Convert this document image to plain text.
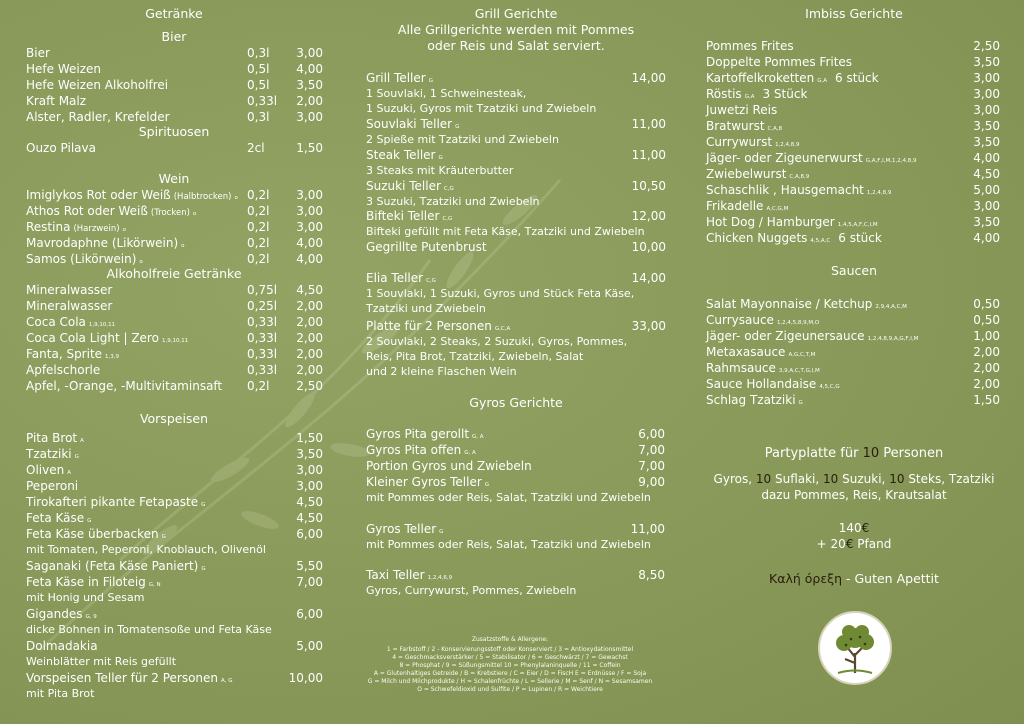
Getränke
Bier
Bier	0,3l 3,00
Hefe Weizen	0,5l 4,00
Hefe Weizen Alkoholfrei	0,5l 3,50
Kraft Malz	0,33l 2,00
Alster, Radler, Krefelder	0,3l 3,00
Spirituosen
Ouzo Pilava	2cl	1,50
Wein
Imiglykos Rot oder Weiß (Halbtrocken) o 0,2l 3,00
Athos Rot oder Weiß (Trocken) o	0,2l 3,00
Restina (Harzwein) o	0,2l 3,00
Mavrodaphne (Likörwein) o	0,2l 4,00
Samos (Likörwein) o	0,2l 4,00
Alkoholfreie Getränke
Mineralwasser	0,75l 4,50
Mineralwasser	0,25l 2,00
Coca Cola 1,9,10,11	0,33l 2,00
Coca Cola Light | Zero 1,9,10,11	0,33l 2,00
Fanta, Sprite 1,3,9	0,33l 2,00
Apfelschorle	0,33l 2,00
Apfel, -Orange, -Multivitaminsaft 0,2l 2,50
Vorspeisen
Pita Brot A	1,50
Tzatziki G	3,50
Oliven A	3,00
Peperoni	3,00
Tirokafteri pikante Fetapaste G	4,50
Feta Käse G	4,50
Feta Käse überbacken G	6,00
mit Tomaten, Peperoni, Knoblauch, Olivenöl
Saganaki (Feta Käse Paniert) G	5,50
Feta Käse in Filoteig G, N	7,00
mit Honig und Sesam
Gigandes G, 9	6,00
dicke Bohnen in Tomatensoße und Feta Käse
Dolmadakia	5,00
Weinblätter mit Reis gefüllt
Vorspeisen Teller für 2 Personen A, G	10,00
mit Pita Brot
Grill Gerichte
Alle Grillgerichte werden mit Pommes
oder Reis und Salat serviert.
Grill Teller G	14,00
1 Souvlaki, 1 Schweinesteak,
1 Suzuki, Gyros mit Tzatziki und Zwiebeln
Souvlaki Teller G	11,00
2 Spieße mit Tzatziki und Zwiebeln
Steak Teller G	11,00
3 Steaks mit Kräuterbutter
Suzuki Teller C,G	10,50
3 Suzuki, Tzatziki und Zwiebeln
Bifteki Teller C,G	12,00
Bifteki gefüllt mit Feta Käse, Tzatziki und Zwiebeln
Gegrillte Putenbrust	10,00
Elia Teller C,G	14,00
1 Souvlaki, 1 Suzuki, Gyros und Stück Feta Käse,
Tzatziki und Zwiebeln
Platte für 2 Personen G,C,A	33,00
2 Souvlaki, 2 Steaks, 2 Suzuki, Gyros, Pommes,
Reis, Pita Brot, Tzatziki, Zwiebeln, Salat
und 2 kleine Flaschen Wein
Gyros Gerichte
Gyros Pita gerollt G, A	6,00
Gyros Pita offen G, A	7,00
Portion Gyros und Zwiebeln	7,00
Kleiner Gyros Teller G	9,00
mit Pommes oder Reis, Salat, Tzatziki und Zwiebeln
Gyros Teller G	11,00
mit Pommes oder Reis, Salat, Tzatziki und Zwiebeln
Taxi Teller 1,2,4,6,9	8,50
Gyros, Currywurst, Pommes, Zwiebeln
Imbiss Gerichte
Pommes Frites	2,50
Doppelte Pommes Frites	3,50
Kartoffelkroketten G,A 6 stück	3,00
Röstis G,A 3 Stück	3,00
Juwetzi Reis	3,00
Bratwurst C,A,8	3,50
Currywurst 1,2,4,8,9	3,50
Jäger- oder Zigeunerwurst G,A,F,I,M,1,2,4,8,9	4,00
Zwiebelwurst C,A,8,9	4,50
Schaschlik , Hausgemacht 1,2,4,8,9	5,00
Frikadelle A,C,G,M	3,00
Hot Dog / Hamburger 1,4,5,A,F,C,I,M	3,50
Chicken Nuggets 4,5,A,C 6 stück	4,00
Saucen
Salat Mayonnaise / Ketchup 2,9,4,A,C,M	0,50
Currysauce 1,2,4,5,8,9,M,O	0,50
Jäger- oder Zigeunersauce 1,2,4,8,9,A,G,F,I,M	1,00
Metaxasauce A,G,C,T,M	2,00
Rahmsauce 3,9,A,C,T,G,I,M	2,00
Sauce Hollandaise 4,5,C,G	2,00
Schlag Tzatziki G	1,50
Zusatzstoffe & Allergene:
1 = Farbstoff / 2 - Konservierungsstoff oder Konserviert / 3 = Antioxydationsmittel
4 = Geschmacksverstärker / 5 = Stabilisator / 6 = Geschwärzt / 7 = Gewachst
8 = Phosphat / 9 = Süßungsmittel 10 = Phenylalaninquelle / 11 = Coffein
A = Glutenhaltiges Getreide / B = Krebstiere / C = Eier / D = FiscH E = Erdnüsse / F = Soja
G = Milch und Milchprodukte / H = Schalenfrüchte / L = Sellerie / M = Senf / N = Sesamsamen
O = Schwefeldioxid und Sulfite / P = Lupinen / R = Weichtiere
Partyplatte für 10 Personen
Gyros, 10 Suflaki, 10 Suzuki, 10 Steks, Tzatziki
dazu Pommes, Reis, Krautsalat
140€
+ 20€ Pfand
Καλή όρεξη - Guten Apettit
